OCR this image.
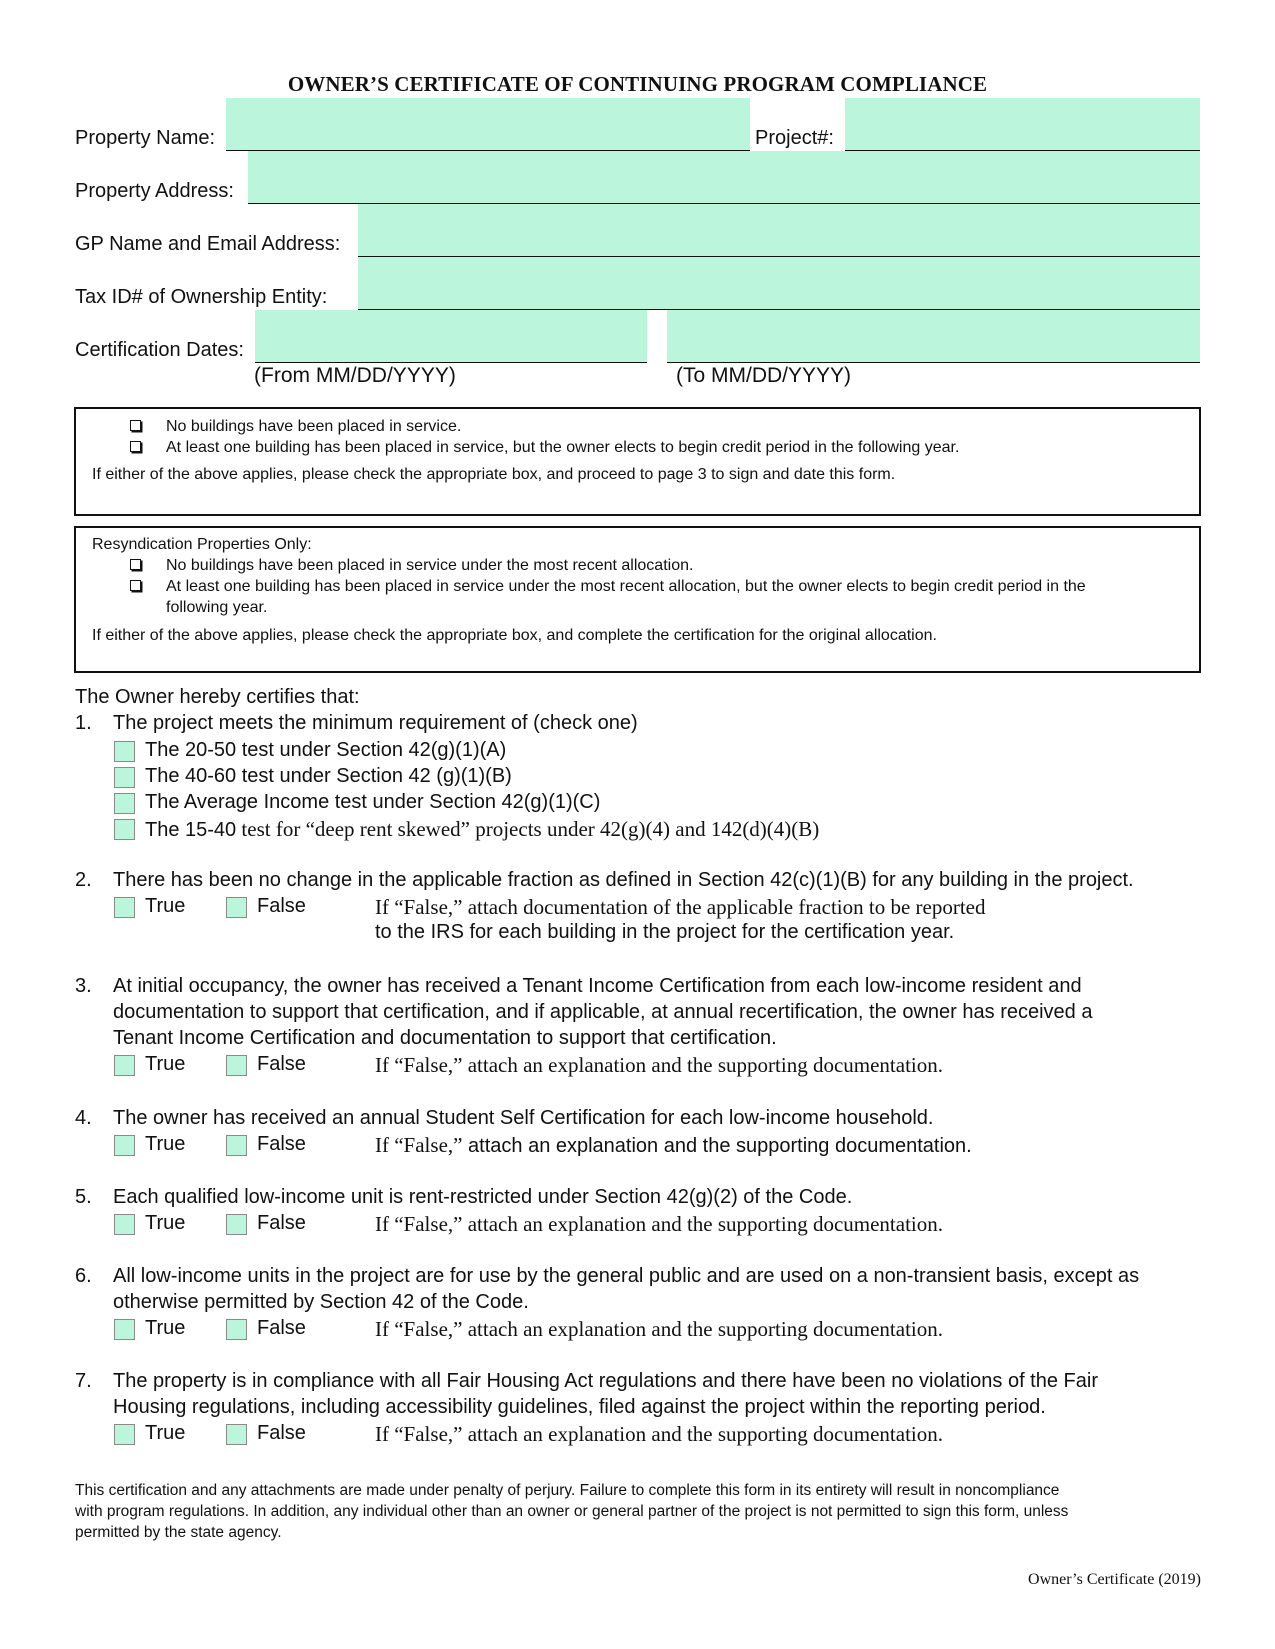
OWNER’S CERTIFICATE OF CONTINUING PROGRAM COMPLIANCE
Property Name:	Project#:
Property Address:
GP Name and Email Address:
Tax ID# of Ownership Entity:
Certification Dates:
(From MM/DD/YYYY)	(To MM/DD/YYYY)
No buildings have been placed in service.
At least one building has been placed in service, but the owner elects to begin credit period in the following year.
If either of the above applies, please check the appropriate box, and proceed to page 3 to sign and date this form.
Resyndication Properties Only:
No buildings have been placed in service under the most recent allocation.
At least one building has been placed in service under the most recent allocation, but the owner elects to begin credit period in the
following year.
If either of the above applies, please check the appropriate box, and complete the certification for the original allocation.
The Owner hereby certifies that:
1. The project meets the minimum requirement of (check one)
The 20-50 test under Section 42(g)(1)(A)
The 40-60 test under Section 42 (g)(1)(B)
The Average Income test under Section 42(g)(1)(C)
The 15-40 test for “deep rent skewed” projects under 42(g)(4) and 142(d)(4)(B)
2. There has been no change in the applicable fraction as defined in Section 42(c)(1)(B) for any building in the project.
True	False	If “False,” attach documentation of the applicable fraction to be reported
to the IRS for each building in the project for the certification year.
3. At initial occupancy, the owner has received a Tenant Income Certification from each low-income resident and
documentation to support that certification, and if applicable, at annual recertification, the owner has received a
Tenant Income Certification and documentation to support that certification.
True	False	If “False,” attach an explanation and the supporting documentation.
4. The owner has received an annual Student Self Certification for each low-income household.
True	False	If “False,” attach an explanation and the supporting documentation.
5. Each qualified low-income unit is rent-restricted under Section 42(g)(2) of the Code.
True	False	If “False,” attach an explanation and the supporting documentation.
6. All low-income units in the project are for use by the general public and are used on a non-transient basis, except as
otherwise permitted by Section 42 of the Code.
True	False	If “False,” attach an explanation and the supporting documentation.
7. The property is in compliance with all Fair Housing Act regulations and there have been no violations of the Fair
Housing regulations, including accessibility guidelines, filed against the project within the reporting period.
True	False	If “False,” attach an explanation and the supporting documentation.
This certification and any attachments are made under penalty of perjury. Failure to complete this form in its entirety will result in noncompliance
with program regulations. In addition, any individual other than an owner or general partner of the project is not permitted to sign this form, unless
permitted by the state agency.
Owner’s Certificate (2019)
